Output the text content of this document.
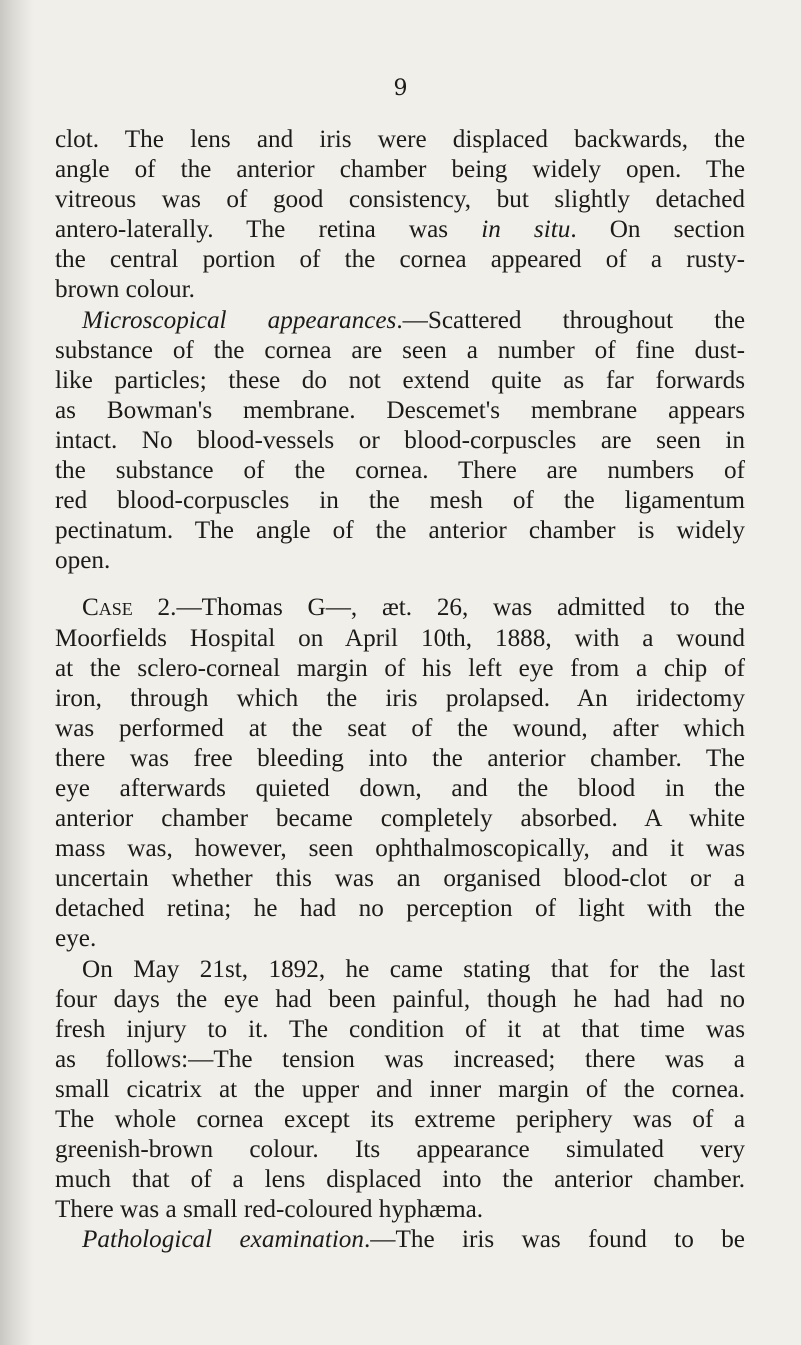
9
clot. The lens and iris were displaced backwards, the
angle of the anterior chamber being widely open. The
vitreous was of good consistency, but slightly detached
antero-laterally. The retina was in situ. On section
the central portion of the cornea appeared of a rusty-
brown colour.
Microscopical appearances.—Scattered throughout the
substance of the cornea are seen a number of fine dust-
like particles; these do not extend quite as far forwards
as Bowman's membrane. Descemet's membrane appears
intact. No blood-vessels or blood-corpuscles are seen in
the substance of the cornea. There are numbers of
red blood-corpuscles in the mesh of the ligamentum
pectinatum. The angle of the anterior chamber is widely
open.
Case 2.—Thomas G—, æt. 26, was admitted to the
Moorfields Hospital on April 10th, 1888, with a wound
at the sclero-corneal margin of his left eye from a chip of
iron, through which the iris prolapsed. An iridectomy
was performed at the seat of the wound, after which
there was free bleeding into the anterior chamber. The
eye afterwards quieted down, and the blood in the
anterior chamber became completely absorbed. A white
mass was, however, seen ophthalmoscopically, and it was
uncertain whether this was an organised blood-clot or a
detached retina; he had no perception of light with the
eye.
On May 21st, 1892, he came stating that for the last
four days the eye had been painful, though he had had no
fresh injury to it. The condition of it at that time was
as follows:—The tension was increased; there was a
small cicatrix at the upper and inner margin of the cornea.
The whole cornea except its extreme periphery was of a
greenish-brown colour. Its appearance simulated very
much that of a lens displaced into the anterior chamber.
There was a small red-coloured hyphæma.
Pathological examination.—The iris was found to be
